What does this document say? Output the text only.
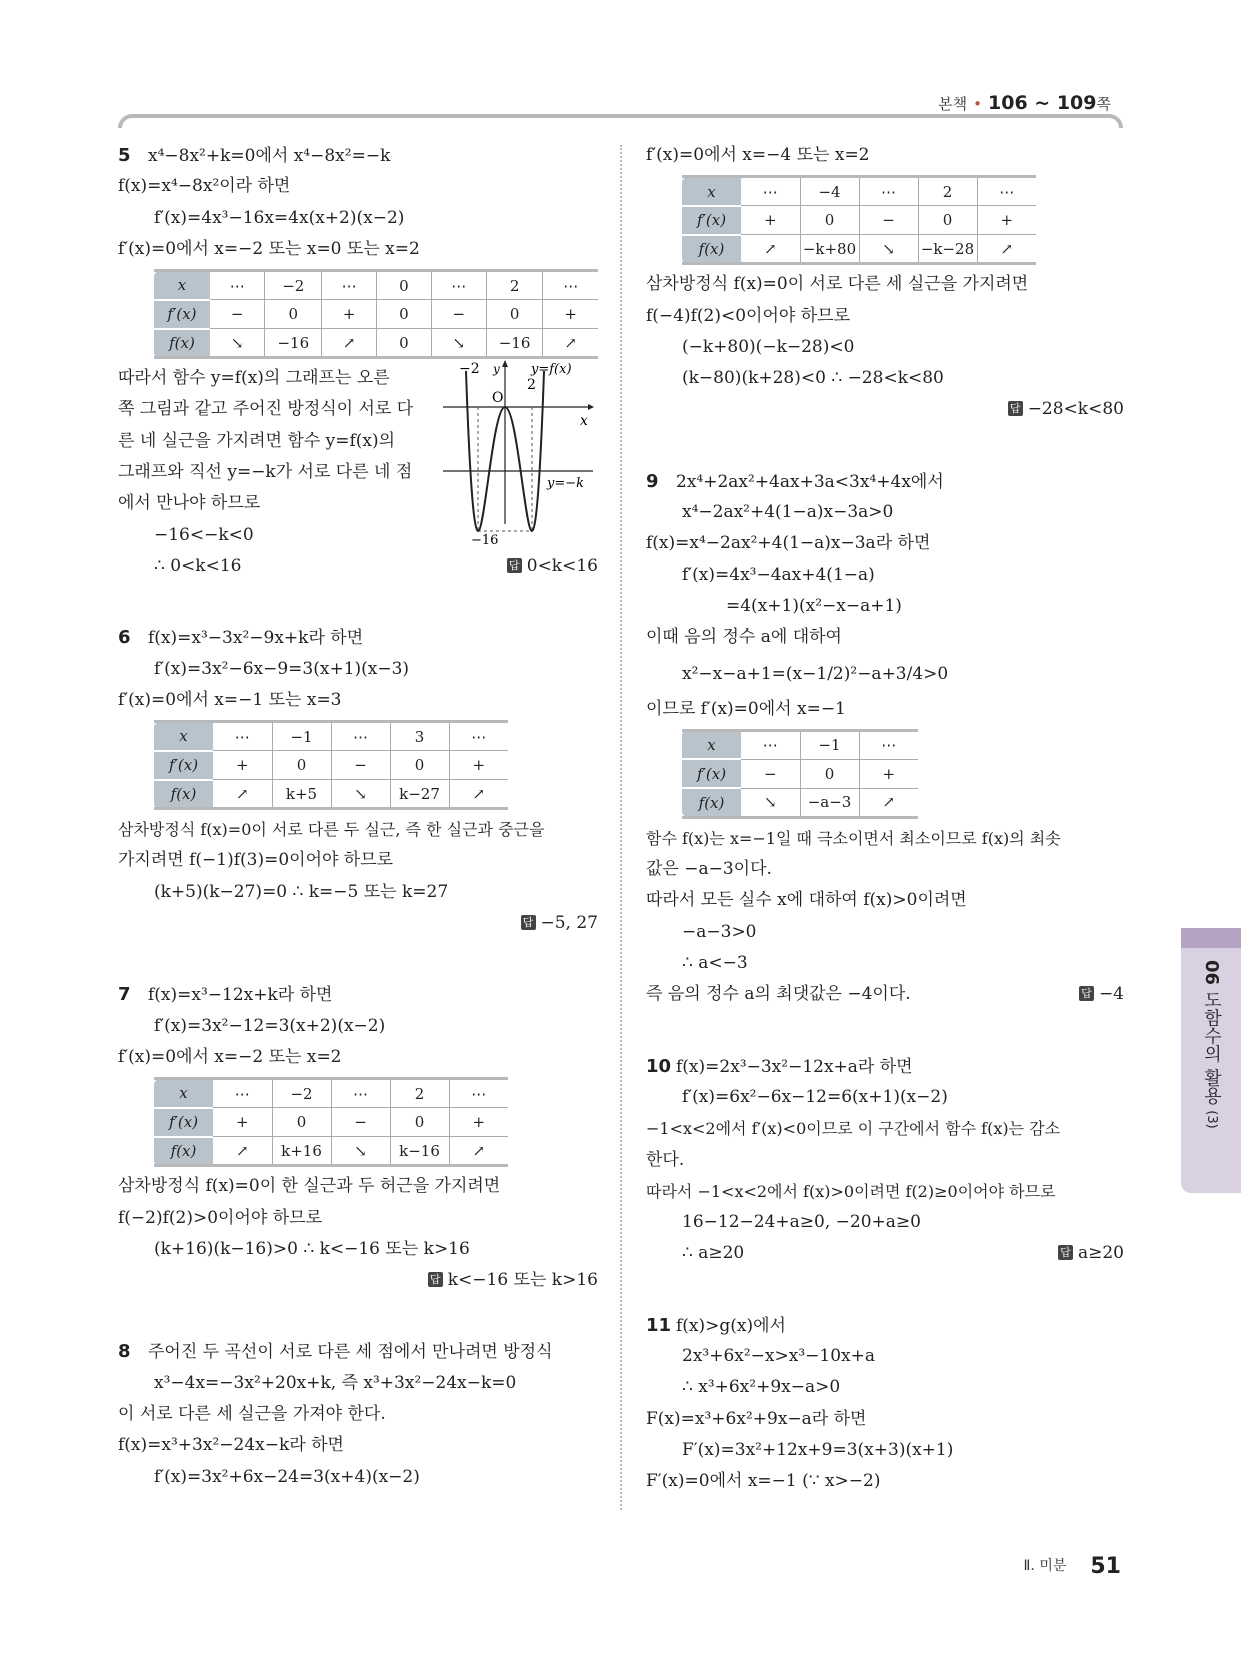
본책 • 106 ~ 109쪽
5 x⁴−8x²+k=0에서 x⁴−8x²=−k
f(x)=x⁴−8x²이라 하면
f′(x)=4x³−16x=4x(x+2)(x−2)
f′(x)=0에서 x=−2 또는 x=0 또는 x=2
x	⋯	−2	⋯	0	⋯	2	⋯
f′(x)	−	0	+	0	−	0	+
f(x)	↘	−16	↗	0	↘	−16	↗
따라서 함수 y=f(x)의 그래프는 오른
쪽 그림과 같고 주어진 방정식이 서로 다
른 네 실근을 가지려면 함수 y=f(x)의
그래프와 직선 y=−k가 서로 다른 네 점
에서 만나야 하므로
−16<−k<0
∴ 0<k<16	답 0<k<16
−2 y
O
2
y=f(x)
x
y=−k
−16
6 f(x)=x³−3x²−9x+k라 하면
f′(x)=3x²−6x−9=3(x+1)(x−3)
f′(x)=0에서 x=−1 또는 x=3
x	⋯	−1	⋯	3	⋯
f′(x)	+	0	−	0	+
f(x)	↗	k+5	↘	k−27	↗
삼차방정식 f(x)=0이 서로 다른 두 실근, 즉 한 실근과 중근을
가지려면 f(−1)f(3)=0이어야 하므로
(k+5)(k−27)=0 ∴ k=−5 또는 k=27
답 −5, 27
7 f(x)=x³−12x+k라 하면
f′(x)=3x²−12=3(x+2)(x−2)
f′(x)=0에서 x=−2 또는 x=2
x	⋯	−2	⋯	2	⋯
f′(x)	+	0	−	0	+
f(x)	↗	k+16	↘	k−16	↗
삼차방정식 f(x)=0이 한 실근과 두 허근을 가지려면
f(−2)f(2)>0이어야 하므로
(k+16)(k−16)>0 ∴ k<−16 또는 k>16
답 k<−16 또는 k>16
8 주어진 두 곡선이 서로 다른 세 점에서 만나려면 방정식
x³−4x=−3x²+20x+k, 즉 x³+3x²−24x−k=0
이 서로 다른 세 실근을 가져야 한다.
f(x)=x³+3x²−24x−k라 하면
f′(x)=3x²+6x−24=3(x+4)(x−2)
f′(x)=0에서 x=−4 또는 x=2
x	⋯	−4	⋯	2	⋯
f′(x)	+	0	−	0	+
f(x)	↗	−k+80	↘	−k−28	↗
삼차방정식 f(x)=0이 서로 다른 세 실근을 가지려면
f(−4)f(2)<0이어야 하므로
(−k+80)(−k−28)<0
(k−80)(k+28)<0 ∴ −28<k<80
답 −28<k<80
9 2x⁴+2ax²+4ax+3a<3x⁴+4x에서
x⁴−2ax²+4(1−a)x−3a>0
f(x)=x⁴−2ax²+4(1−a)x−3a라 하면
f′(x)=4x³−4ax+4(1−a)
=4(x+1)(x²−x−a+1)
이때 음의 정수 a에 대하여
x²−x−a+1=(x−1/2)²−a+3/4>0
이므로 f′(x)=0에서 x=−1
x	⋯	−1	⋯
f′(x)	−	0	+
f(x)	↘	−a−3	↗
함수 f(x)는 x=−1일 때 극소이면서 최소이므로 f(x)의 최솟
값은 −a−3이다.
따라서 모든 실수 x에 대하여 f(x)>0이려면
−a−3>0
∴ a<−3
즉 음의 정수 a의 최댓값은 −4이다.	답 −4
10 f(x)=2x³−3x²−12x+a라 하면
f′(x)=6x²−6x−12=6(x+1)(x−2)
−1<x<2에서 f′(x)<0이므로 이 구간에서 함수 f(x)는 감소
한다.
따라서 −1<x<2에서 f(x)>0이려면 f(2)≥0이어야 하므로
16−12−24+a≥0, −20+a≥0
∴ a≥20	답 a≥20
11 f(x)>g(x)에서
2x³+6x²−x>x³−10x+a
∴ x³+6x²+9x−a>0
F(x)=x³+6x²+9x−a라 하면
F′(x)=3x²+12x+9=3(x+3)(x+1)
F′(x)=0에서 x=−1 (∵ x>−2)
06 도함수의 활용 (3)
Ⅱ. 미분 51
